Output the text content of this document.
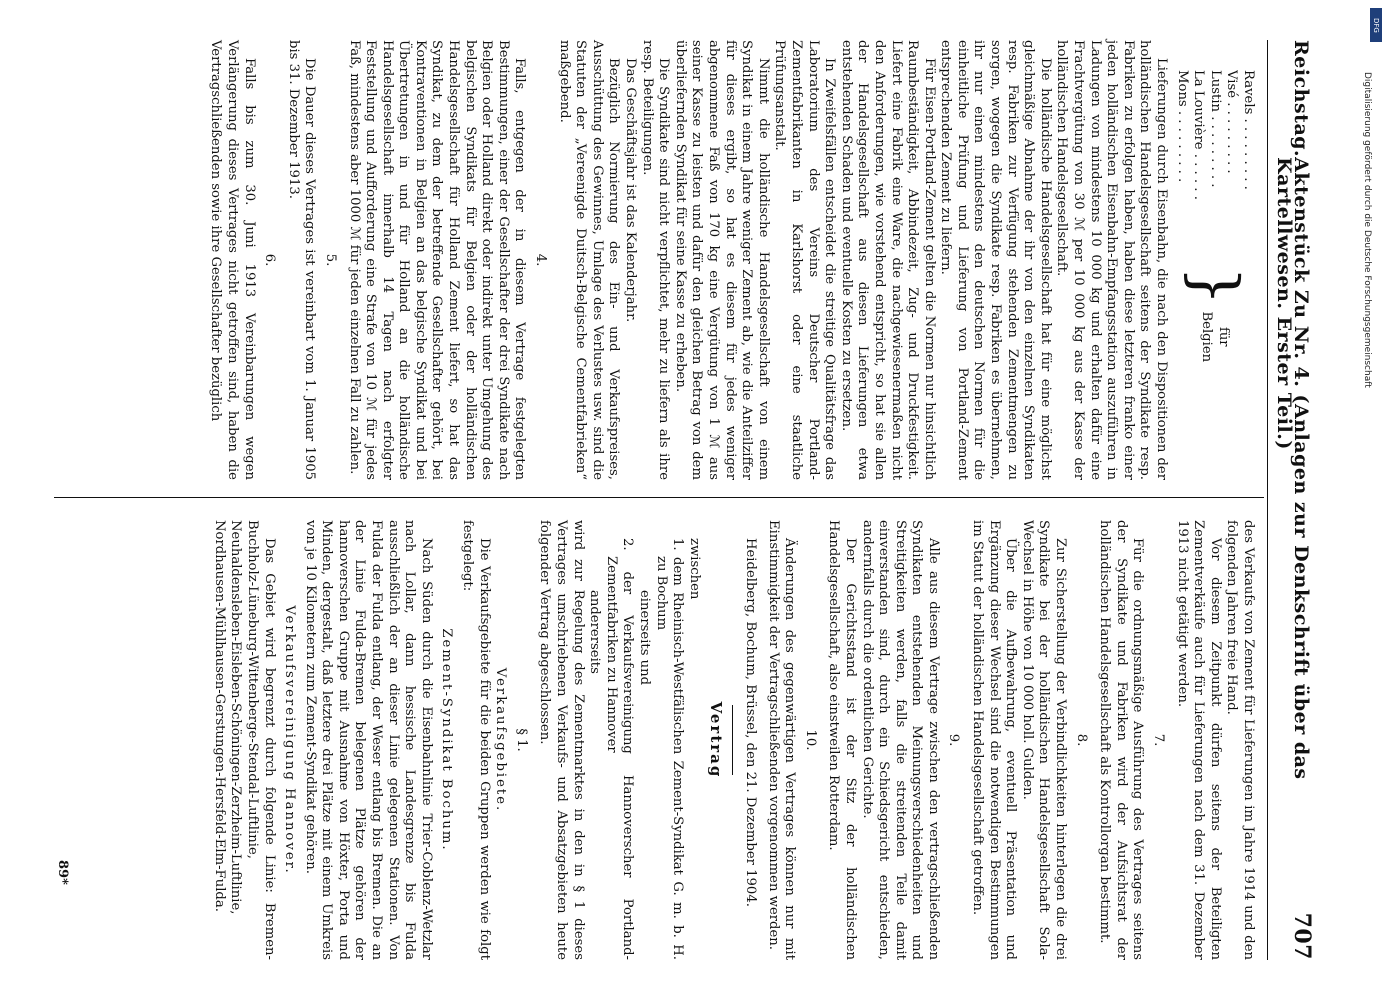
Reichstag.
Aktenstück Zu Nr. 4. (Anlagen zur Denkschrift über das Kartellwesen. Erster Teil.)
707
Ravels . . . . . . . . .
Visé . . . . . . . . .
Lustin . . . . . . . . .
La Louvière . . . . . .
Mons . . . . . . . . .
}
für
Belgien

Lieferungen durch Eisenbahn, die nach den Dispositionen der holländischen Handelsgesellschaft seitens der Syndikate resp. Fabriken zu erfolgen haben, haben diese letzteren franko einer jeden holländischen Eisenbahn-Empfangsstation auszuführen in Ladungen von mindestens 10 000 kg und erhalten dafür eine Frachtvergütung von 30 ℳ per 10 000 kg aus der Kasse der holländischen Handelsgesellschaft.

Die holländische Handelsgesellschaft hat für eine möglichst gleichmäßige Abnahme der ihr von den einzelnen Syndikaten resp. Fabriken zur Verfügung stehenden Zementmengen zu sorgen, wogegen die Syndikate resp. Fabriken es übernehmen, ihr nur einen mindestens den deutschen Normen für die einheitliche Prüfung und Lieferung von Portland-Zement entsprechenden Zement zu liefern.

Für Eisen-Portland-Zement gelten die Normen nur hinsichtlich Raumbeständigkeit, Abbindezeit, Zug- und Druckfestigkeit. Liefert eine Fabrik eine Ware, die nachgewiesenermaßen nicht den Anforderungen, wie vorstehend entspricht, so hat sie allen der Handelsgesellschaft aus diesen Lieferungen etwa entstehenden Schaden und eventuelle Kosten zu ersetzen.

In Zweifelsfällen entscheidet die streitige Qualitätsfrage das Laboratorium des Vereins Deutscher Portland-Zementfabrikanten in Karlshorst oder eine staatliche Prüfungsanstalt.

Nimmt die holländische Handelsgesellschaft von einem Syndikat in einem Jahre weniger Zement ab, wie die Anteilziffer für dieses ergibt, so hat es diesem für jedes weniger abgenommene Faß von 170 kg eine Vergütung von 1 ℳ aus seiner Kasse zu leisten und dafür den gleichen Betrag von dem überliefernden Syndikat für seine Kasse zu erheben.

Die Syndikate sind nicht verpflichtet, mehr zu liefern als ihre resp. Beteiligungen.

Das Geschäftsjahr ist das Kalenderjahr.

Bezüglich Normierung des Ein- und Verkaufspreises, Ausschüttung des Gewinnes, Umlage des Verlustes usw. sind die Statuten der „Vereenigde Duitsch-Belgische Cementfabrieken“ maßgebend.

4.

Falls, entgegen der in diesem Vertrage festgelegten Bestimmungen, einer der Gesellschafter der drei Syndikate nach Belgien oder Holland direkt oder indirekt unter Umgehung des belgischen Syndikats für Belgien oder der holländischen Handelsgesellschaft für Holland Zement liefert, so hat das Syndikat, zu dem der betreffende Gesellschafter gehört, bei Kontraventionen in Belgien an das belgische Syndikat und bei Übertretungen in und für Holland an die holländische Handelsgesellschaft innerhalb 14 Tagen nach erfolgter Feststellung und Aufforderung eine Strafe von 10 ℳ für jedes Faß, mindestens aber 1000 ℳ für jeden einzelnen Fall zu zahlen.

5.

Die Dauer dieses Vertrages ist vereinbart vom 1. Januar 1905 bis 31. Dezember 1913.

6.

Falls bis zum 30. Juni 1913 Vereinbarungen wegen Verlängerung dieses Vertrages nicht getroffen sind, haben die Vertragschließenden sowie ihre Gesellschafter bezüglich

des Verkaufs von Zement für Lieferungen im Jahre 1914 und den folgenden Jahren freie Hand.

Vor diesem Zeitpunkt dürfen seitens der Beteiligten Zementverkäufe auch für Lieferungen nach dem 31. Dezember 1913 nicht getätigt werden.

7.

Für die ordnungsmäßige Ausführung des Vertrages seitens der Syndikate und Fabriken wird der Aufsichtsrat der holländischen Handelsgesellschaft als Kontrollorgan bestimmt.

8.

Zur Sicherstellung der Verbindlichkeiten hinterlegen die drei Syndikate bei der holländischen Handelsgesellschaft Sola-Wechsel in Höhe von 10 000 holl. Gulden.

Über die Aufbewahrung, eventuell Präsentation und Ergänzung dieser Wechsel sind die notwendigen Bestimmungen im Statut der holländischen Handelsgesellschaft getroffen.

9.

Alle aus diesem Vertrage zwischen den vertragschließenden Syndikaten entstehenden Meinungsverschiedenheiten und Streitigkeiten werden, falls die streitenden Teile damit einverstanden sind, durch ein Schiedsgericht entschieden, andernfalls durch die ordentlichen Gerichte.

Der Gerichtsstand ist der Sitz der holländischen Handelsgesellschaft, also einstweilen Rotterdam.

10.

Änderungen des gegenwärtigen Vertrages können nur mit Einstimmigkeit der Vertragschließenden vorgenommen werden.

Heidelberg, Bochum, Brüssel, den 21. Dezember 1904.

Vertrag

zwischen

1. dem Rheinisch-Westfälischen Zement-Syndikat G. m. b. H. zu Bochum

einerseits und

2. der Verkaufsvereinigung Hannoverscher Portland-Zementfabriken zu Hannover

andererseits

wird zur Regelung des Zementmarktes in den in § 1 dieses Vertrages umschriebenen Verkaufs- und Absatzgebieten heute folgender Vertrag abgeschlossen.

§ 1.
Verkaufsgebiete.

Die Verkaufsgebiete für die beiden Gruppen werden wie folgt festgelegt:

Zement-Syndikat Bochum.

Nach Süden durch die Eisenbahnlinie Trier-Coblenz-Wetzlar nach Lollar, dann hessische Landesgrenze bis Fulda ausschließlich der an dieser Linie gelegenen Stationen. Von Fulda der Fulda entlang, der Weser entlang bis Bremen. Die an der Linie Fulda-Bremen belegenen Plätze gehören der hannoverschen Gruppe mit Ausnahme von Höxter, Porta und Minden, dergestalt, daß letztere drei Plätze mit einem Umkreis von je 10 Kilometern zum Zement-Syndikat gehören.

Verkaufsvereinigung Hannover.

Das Gebiet wird begrenzt durch folgende Linie: Bremen-Buchholz-Lüneburg-Wittenberge-Stendal-Luftlinie, Neuhaldensleben-Eisleben-Schöningen-Zerzheim-Luftlinie, Nordhausen-Mühlhausen-Gerstungen-Hersfeld-Elm-Fulda.

89*
Digitalisierung gefördert durch die Deutsche Forschungsgemeinschaft
DFG
